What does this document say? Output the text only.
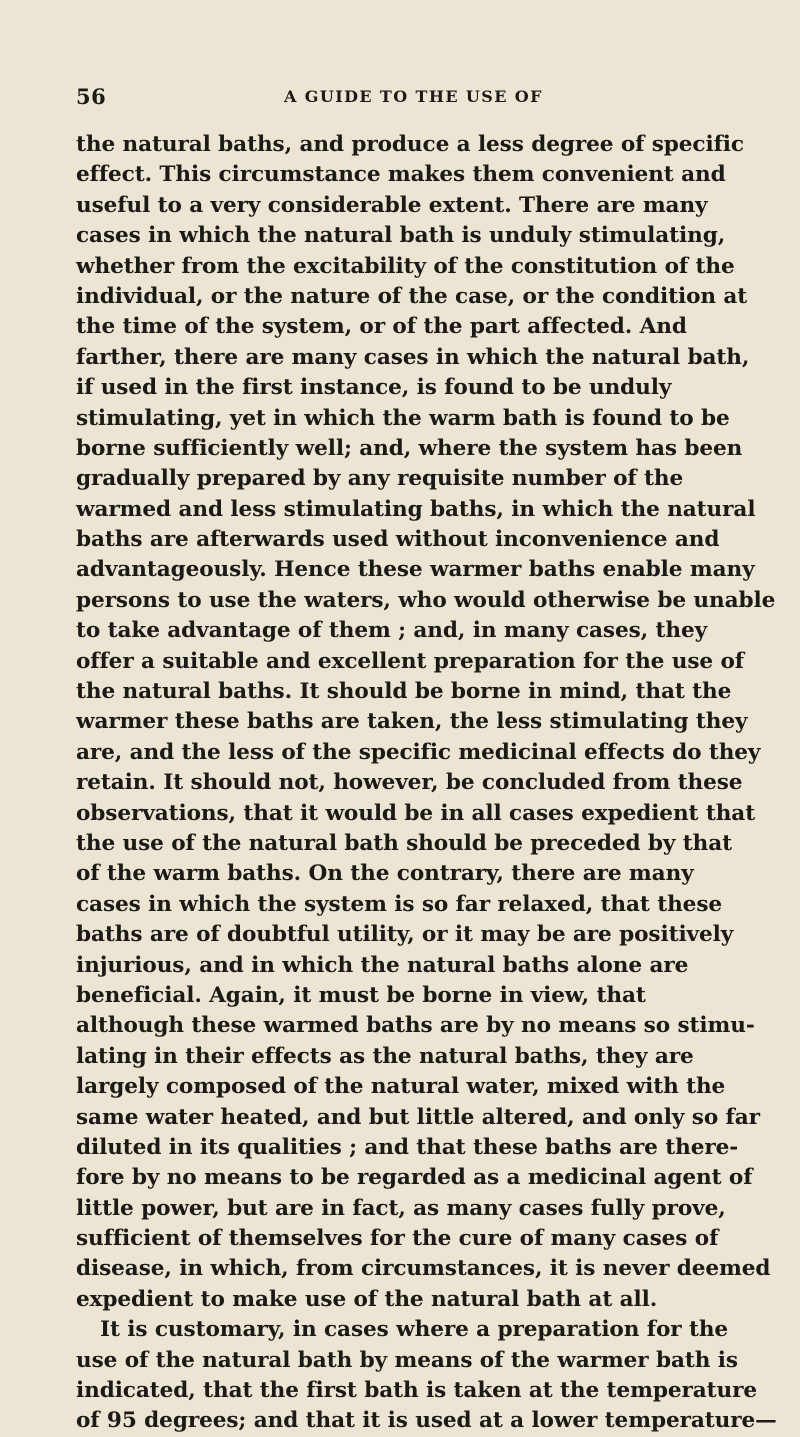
56	A GUIDE TO THE USE OF
the natural baths, and produce a less degree of specific
effect. This circumstance makes them convenient and
useful to a very considerable extent. There are many
cases in which the natural bath is unduly stimulating,
whether from the excitability of the constitution of the
individual, or the nature of the case, or the condition at
the time of the system, or of the part affected. And
farther, there are many cases in which the natural bath,
if used in the first instance, is found to be unduly
stimulating, yet in which the warm bath is found to be
borne sufficiently well; and, where the system has been
gradually prepared by any requisite number of the
warmed and less stimulating baths, in which the natural
baths are afterwards used without inconvenience and
advantageously. Hence these warmer baths enable many
persons to use the waters, who would otherwise be unable
to take advantage of them ; and, in many cases, they
offer a suitable and excellent preparation for the use of
the natural baths. It should be borne in mind, that the
warmer these baths are taken, the less stimulating they
are, and the less of the specific medicinal effects do they
retain. It should not, however, be concluded from these
observations, that it would be in all cases expedient that
the use of the natural bath should be preceded by that
of the warm baths. On the contrary, there are many
cases in which the system is so far relaxed, that these
baths are of doubtful utility, or it may be are positively
injurious, and in which the natural baths alone are
beneficial. Again, it must be borne in view, that
although these warmed baths are by no means so stimu-
lating in their effects as the natural baths, they are
largely composed of the natural water, mixed with the
same water heated, and but little altered, and only so far
diluted in its qualities ; and that these baths are there-
fore by no means to be regarded as a medicinal agent of
little power, but are in fact, as many cases fully prove,
sufficient of themselves for the cure of many cases of
disease, in which, from circumstances, it is never deemed
expedient to make use of the natural bath at all.
It is customary, in cases where a preparation for the
use of the natural bath by means of the warmer bath is
indicated, that the first bath is taken at the temperature
of 95 degrees; and that it is used at a lower temperature—
